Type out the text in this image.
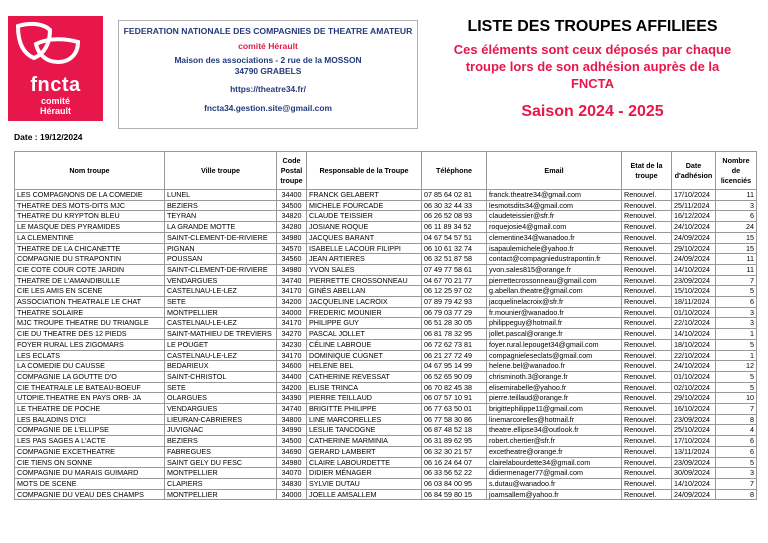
fncta
comité
Hérault
FEDERATION NATIONALE DES COMPAGNIES DE THEATRE AMATEUR
comité Hérault
Maison des associations - 2 rue de la MOSSON
34790 GRABELS
https://theatre34.fr/
fncta34.gestion.site@gmail.com
LISTE DES TROUPES AFFILIEES
Ces éléments sont ceux déposés par chaque troupe lors de son adhésion auprès de la FNCTA
Saison 2024 - 2025
Date : 19/12/2024
Nom troupe	Ville troupe	Code Postal troupe	Responsable de la Troupe	Téléphone	Email	Etat de la troupe	Date d'adhésion	Nombre de licenciés
LES COMPAGNONS DE LA COMEDIE	LUNEL	34400	FRANCK GELABERT	07 85 64 02 81	franck.theatre34@gmail.com	Renouvel.	17/10/2024	11
THEATRE DES MOTS-DITS MJC	BEZIERS	34500	MICHELE FOURCADE	06 30 32 44 33	lesmotsdits34@gmail.com	Renouvel.	25/11/2024	3
THEATRE DU KRYPTON BLEU	TEYRAN	34820	CLAUDE TEISSIER	06 26 52 08 93	claudeteissier@sfr.fr	Renouvel.	16/12/2024	6
LE MASQUE DES PYRAMIDES	LA GRANDE MOTTE	34280	JOSIANE ROQUE	06 11 89 34 52	roquejosie4@gmail.com	Renouvel.	24/10/2024	24
LA CLEMENTINE	SAINT-CLEMENT-DE-RIVIERE	34980	JACQUES BARANT	04 67 54 57 51	clementine34@wanadoo.fr	Renouvel.	24/09/2024	15
THEATRE DE LA CHICANETTE	PIGNAN	34570	ISABELLE LACOUR FILIPPI	06 10 61 32 74	isapaulemichele@yahoo.fr	Renouvel.	29/10/2024	15
COMPAGNIE DU STRAPONTIN	POUSSAN	34560	JEAN ARTIERES	06 32 51 87 58	contact@compagniedustrapontin.fr	Renouvel.	24/09/2024	11
CIE COTE COUR COTE JARDIN	SAINT-CLEMENT-DE-RIVIERE	34980	YVON SALES	07 49 77 58 61	yvon.sales815@orange.fr	Renouvel.	14/10/2024	11
THEATRE DE L'AMANDIBULLE	VENDARGUES	34740	PIERRETTE CROSSONNEAU	04 67 70 21 77	pierrettecrossonneau@gmail.com	Renouvel.	23/09/2024	7
CIE LES AMIS EN SCENE	CASTELNAU-LE-LEZ	34170	GINÈS ABELLAN	06 12 25 97 02	g.abellan.theatre@gmail.com	Renouvel.	15/10/2024	5
ASSOCIATION THEATRALE LE CHAT	SETE	34200	JACQUELINE LACROIX	07 89 79 42 93	jacquelinelacroix@sfr.fr	Renouvel.	18/11/2024	6
THEATRE SOLAIRE	MONTPELLIER	34000	FREDERIC MOUNIER	06 79 03 77 29	fr.mounier@wanadoo.fr	Renouvel.	01/10/2024	3
MJC TROUPE THEATRE DU TRIANGLE	CASTELNAU-LE-LEZ	34170	PHILIPPE GUY	06 51 28 30 05	philippeguy@hotmail.fr	Renouvel.	22/10/2024	3
CIE DU THEATRE DES 12 PIEDS	SAINT-MATHIEU DE TREVIERS	34270	PASCAL JOLLET	06 81 78 32 95	jollet.pascal@orange.fr	Renouvel.	14/10/2024	1
FOYER RURAL LES ZIGOMARS	LE POUGET	34230	CÉLINE LABROUE	06 72 62 73 81	foyer.rural.lepouget34@gmail.com	Renouvel.	18/10/2024	5
LES ECLATS	CASTELNAU-LE-LEZ	34170	DOMINIQUE CUGNET	06 21 27 72 49	compagnieleseclats@gmail.com	Renouvel.	22/10/2024	1
LA COMEDIE DU CAUSSE	BEDARIEUX	34600	HELENE BEL	04 67 95 14 99	helene.bel@wanadoo.fr	Renouvel.	24/10/2024	12
COMPAGNIE LA GOUTTE D'O	SAINT-CHRISTOL	34400	CATHERINE REVESSAT	06 52 65 90 09	chrisminoth.3@orange.fr	Renouvel.	01/10/2024	5
CIE THEATRALE LE BATEAU-BOEUF	SETE	34200	ELISE TRINCA	06 70 82 45 38	elisemirabelle@yahoo.fr	Renouvel.	02/10/2024	5
UTOPIE.THEATRE EN PAYS ORB- JA	OLARGUES	34390	PIERRE TEILLAUD	06 07 57 10 91	pierre.teillaud@orange.fr	Renouvel.	29/10/2024	10
LE THEATRE DE POCHE	VENDARGUES	34740	BRIGITTE PHILIPPE	06 77 63 50 01	brigittephilippe11@gmail.com	Renouvel.	16/10/2024	7
LES BALADINS D'ICI	LIEURAN-CABRIERES	34800	LINE MARCORELLES	06 77 58 30 86	linemarcorelles@hotmail.fr	Renouvel.	23/09/2024	8
COMPAGNIE DE L'ELLIPSE	JUVIGNAC	34990	LESLIE TANCOGNE	06 87 48 52 18	theatre.ellipse34@outlook.fr	Renouvel.	25/10/2024	4
LES PAS SAGES A L'ACTE	BEZIERS	34500	CATHERINE MARMINIA	06 31 89 62 95	robert.chertier@sfr.fr	Renouvel.	17/10/2024	6
COMPAGNIE EXCETHEATRE	FABREGUES	34690	GERARD LAMBERT	06 32 30 21 57	excetheatre@orange.fr	Renouvel.	13/11/2024	6
CIE TIENS ON SONNE	SAINT GELY DU FESC	34980	CLAIRE LABOURDETTE	06 16 24 64 07	clairelabourdette34@gmail.com	Renouvel.	23/09/2024	5
COMPAGNIE DU MARAIS GUIMARD	MONTPELLIER	34070	DIDIER MÉNAGER	06 33 56 52 22	didiermenager77@gmail.com	Renouvel.	30/09/2024	3
MOTS DE SCENE	CLAPIERS	34830	SYLVIE DUTAU	06 03 84 00 95	s.dutau@wanadoo.fr	Renouvel.	14/10/2024	7
COMPAGNIE DU VEAU DES CHAMPS	MONTPELLIER	34000	JOELLE AMSALLEM	06 84 59 80 15	joamsallem@yahoo.fr	Renouvel.	24/09/2024	8
